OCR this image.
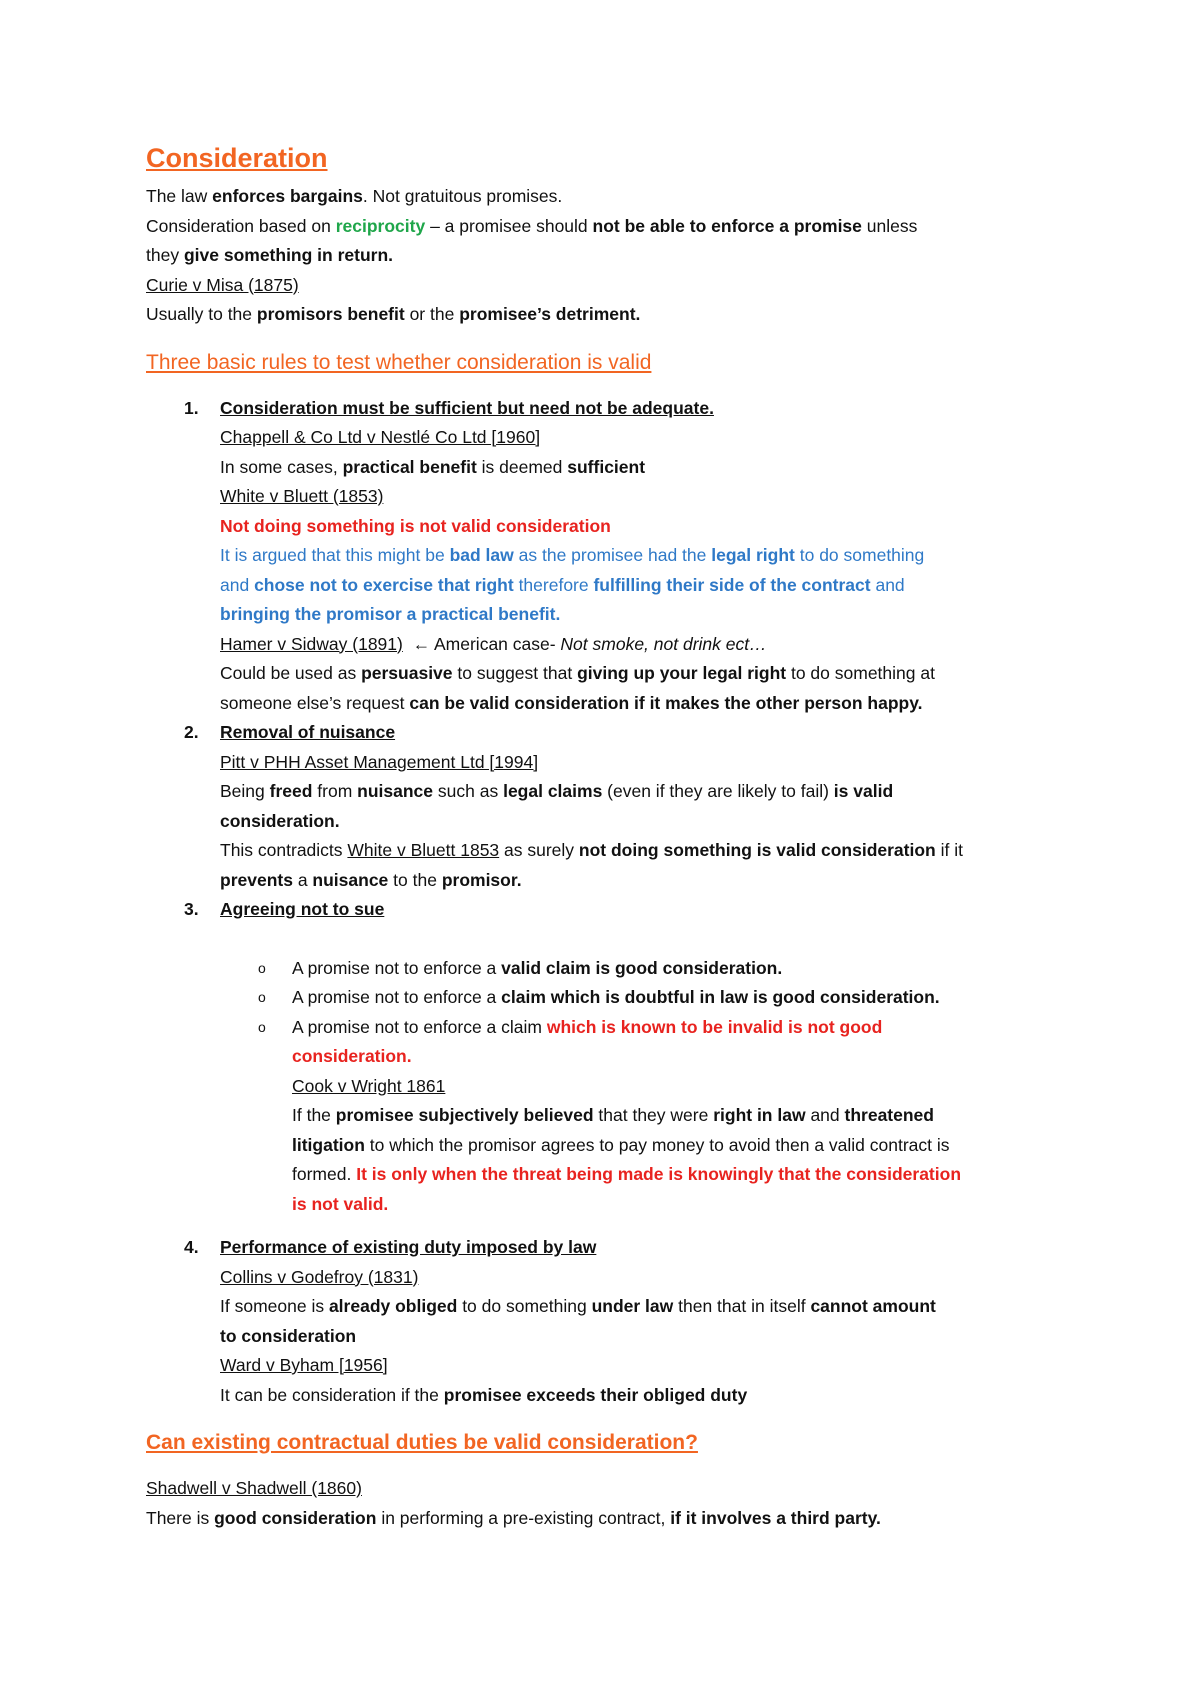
Consideration

The law enforces bargains. Not gratuitous promises.

Consideration based on reciprocity – a promisee should not be able to enforce a promise unless

they give something in return.

Curie v Misa (1875)

Usually to the promisors benefit or the promisee’s detriment.

Three basic rules to test whether consideration is valid
1. Consideration must be sufficient but need not be adequate.

Chappell & Co Ltd v Nestlé Co Ltd [1960]

In some cases, practical benefit is deemed sufficient

White v Bluett (1853)

Not doing something is not valid consideration

It is argued that this might be bad law as the promisee had the legal right to do something

and chose not to exercise that right therefore fulfilling their side of the contract and

bringing the promisor a practical benefit.

Hamer v Sidway (1891) ← American case- Not smoke, not drink ect…

Could be used as persuasive to suggest that giving up your legal right to do something at

someone else’s request can be valid consideration if it makes the other person happy.

2. Removal of nuisance

Pitt v PHH Asset Management Ltd [1994]

Being freed from nuisance such as legal claims (even if they are likely to fail) is valid

consideration.

This contradicts White v Bluett 1853 as surely not doing something is valid consideration if it

prevents a nuisance to the promisor.

3. Agreeing not to sue

o A promise not to enforce a valid claim is good consideration.

o A promise not to enforce a claim which is doubtful in law is good consideration.

o A promise not to enforce a claim which is known to be invalid is not good

consideration.

Cook v Wright 1861

If the promisee subjectively believed that they were right in law and threatened

litigation to which the promisor agrees to pay money to avoid then a valid contract is

formed. It is only when the threat being made is knowingly that the consideration

is not valid.

4. Performance of existing duty imposed by law

Collins v Godefroy (1831)

If someone is already obliged to do something under law then that in itself cannot amount

to consideration

Ward v Byham [1956]

It can be consideration if the promisee exceeds their obliged duty

Can existing contractual duties be valid consideration?

Shadwell v Shadwell (1860)

There is good consideration in performing a pre-existing contract, if it involves a third party.
